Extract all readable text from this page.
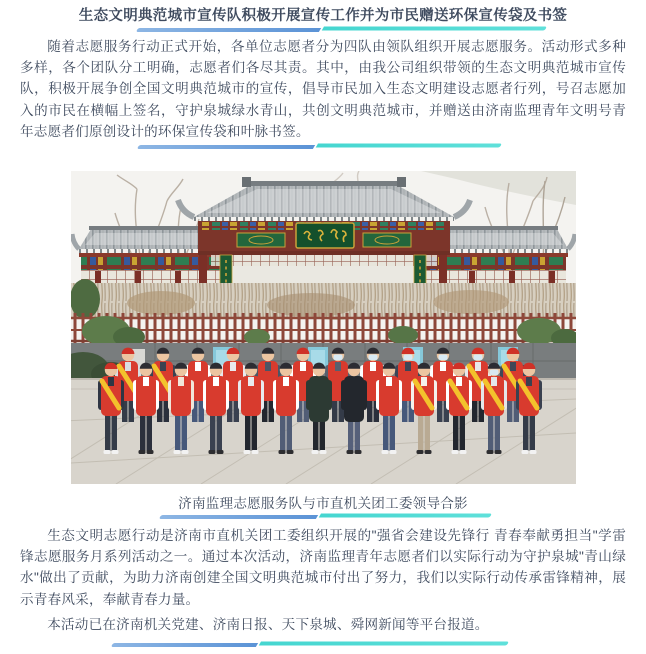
生态文明典范城市宣传队积极开展宣传工作并为市民赠送环保宣传袋及书签

随着志愿服务行动正式开始，各单位志愿者分为四队由领队组织开展志愿服务。活动形式多种多样，各个团队分工明确，志愿者们各尽其责。其中，由我公司组织带领的生态文明典范城市宣传队，积极开展争创全国文明典范城市的宣传，倡导市民加入生态文明建设志愿者行列，号召志愿加入的市民在横幅上签名，守护泉城绿水青山，共创文明典范城市，并赠送由济南监理青年文明号青年志愿者们原创设计的环保宣传袋和叶脉书签。

济南监理志愿服务队与市直机关团工委领导合影

生态文明志愿行动是济南市直机关团工委组织开展的"强省会建设先锋行 青春奉献勇担当"学雷锋志愿服务月系列活动之一。通过本次活动，济南监理青年志愿者们以实际行动为守护泉城"青山绿水"做出了贡献，为助力济南创建全国文明典范城市付出了努力，我们以实际行动传承雷锋精神，展示青春风采，奉献青春力量。

本活动已在济南机关党建、济南日报、天下泉城、舜网新闻等平台报道。
